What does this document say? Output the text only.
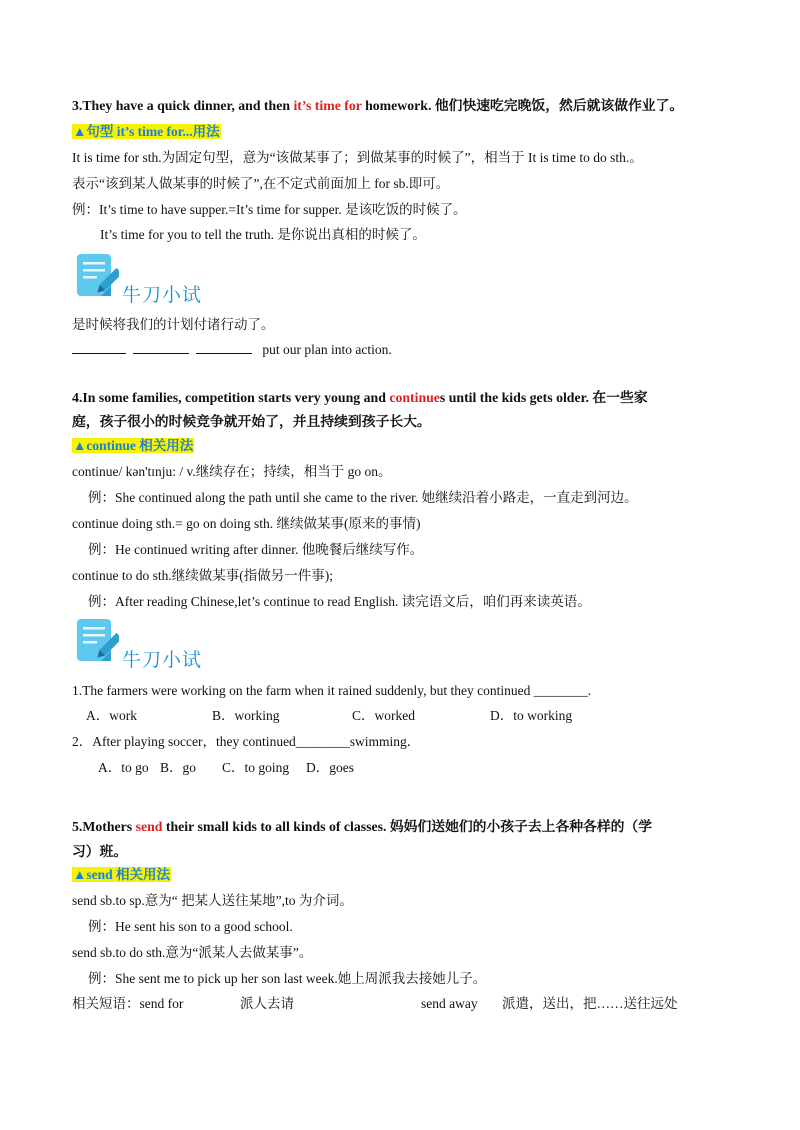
3.They have a quick dinner, and then it’s time for homework. 他们快速吃完晚饭，然后就该做作业了。
▲句型 it’s time for...用法
It is time for sth.为固定句型，意为“该做某事了；到做某事的时候了”，相当于 It is time to do sth.。
表示“该到某人做某事的时候了”,在不定式前面加上 for sb.即可。
例：It’s time to have supper.=It’s time for supper. 是该吃饭的时候了。
It’s time for you to tell the truth. 是你说出真相的时候了。
牛刀小试
是时候将我们的计划付诸行动了。
put our plan into action.
4.In some families, competition starts very young and continues until the kids gets older. 在一些家
庭，孩子很小的时候竞争就开始了，并且持续到孩子长大。
▲continue 相关用法
continue/ kən'tɪnju: / v.继续存在；持续，相当于 go on。
例：She continued along the path until she came to the river. 她继续沿着小路走，一直走到河边。
continue doing sth.= go on doing sth. 继续做某事(原来的事情)
例：He continued writing after dinner. 他晚餐后继续写作。
continue to do sth.继续做某事(指做另一件事);
例：After reading Chinese,let’s continue to read English. 读完语文后，咱们再来读英语。
牛刀小试
1.The farmers were working on the farm when it rained suddenly, but they continued ________.
A．work	B．working	C．worked	D．to working
2．After playing soccer，they continued________swimming．
A．to go B．go C．to going D．goes
5.Mothers send their small kids to all kinds of classes. 妈妈们送她们的小孩子去上各种各样的（学
习）班。
▲send 相关用法
send sb.to sp.意为“ 把某人送往某地”,to 为介词。
例：He sent his son to a good school.
send sb.to do sth.意为“派某人去做某事”。
例：She sent me to pick up her son last week.她上周派我去接她儿子。
相关短语：send for	派人去请	send away 派遣，送出，把……送往远处
